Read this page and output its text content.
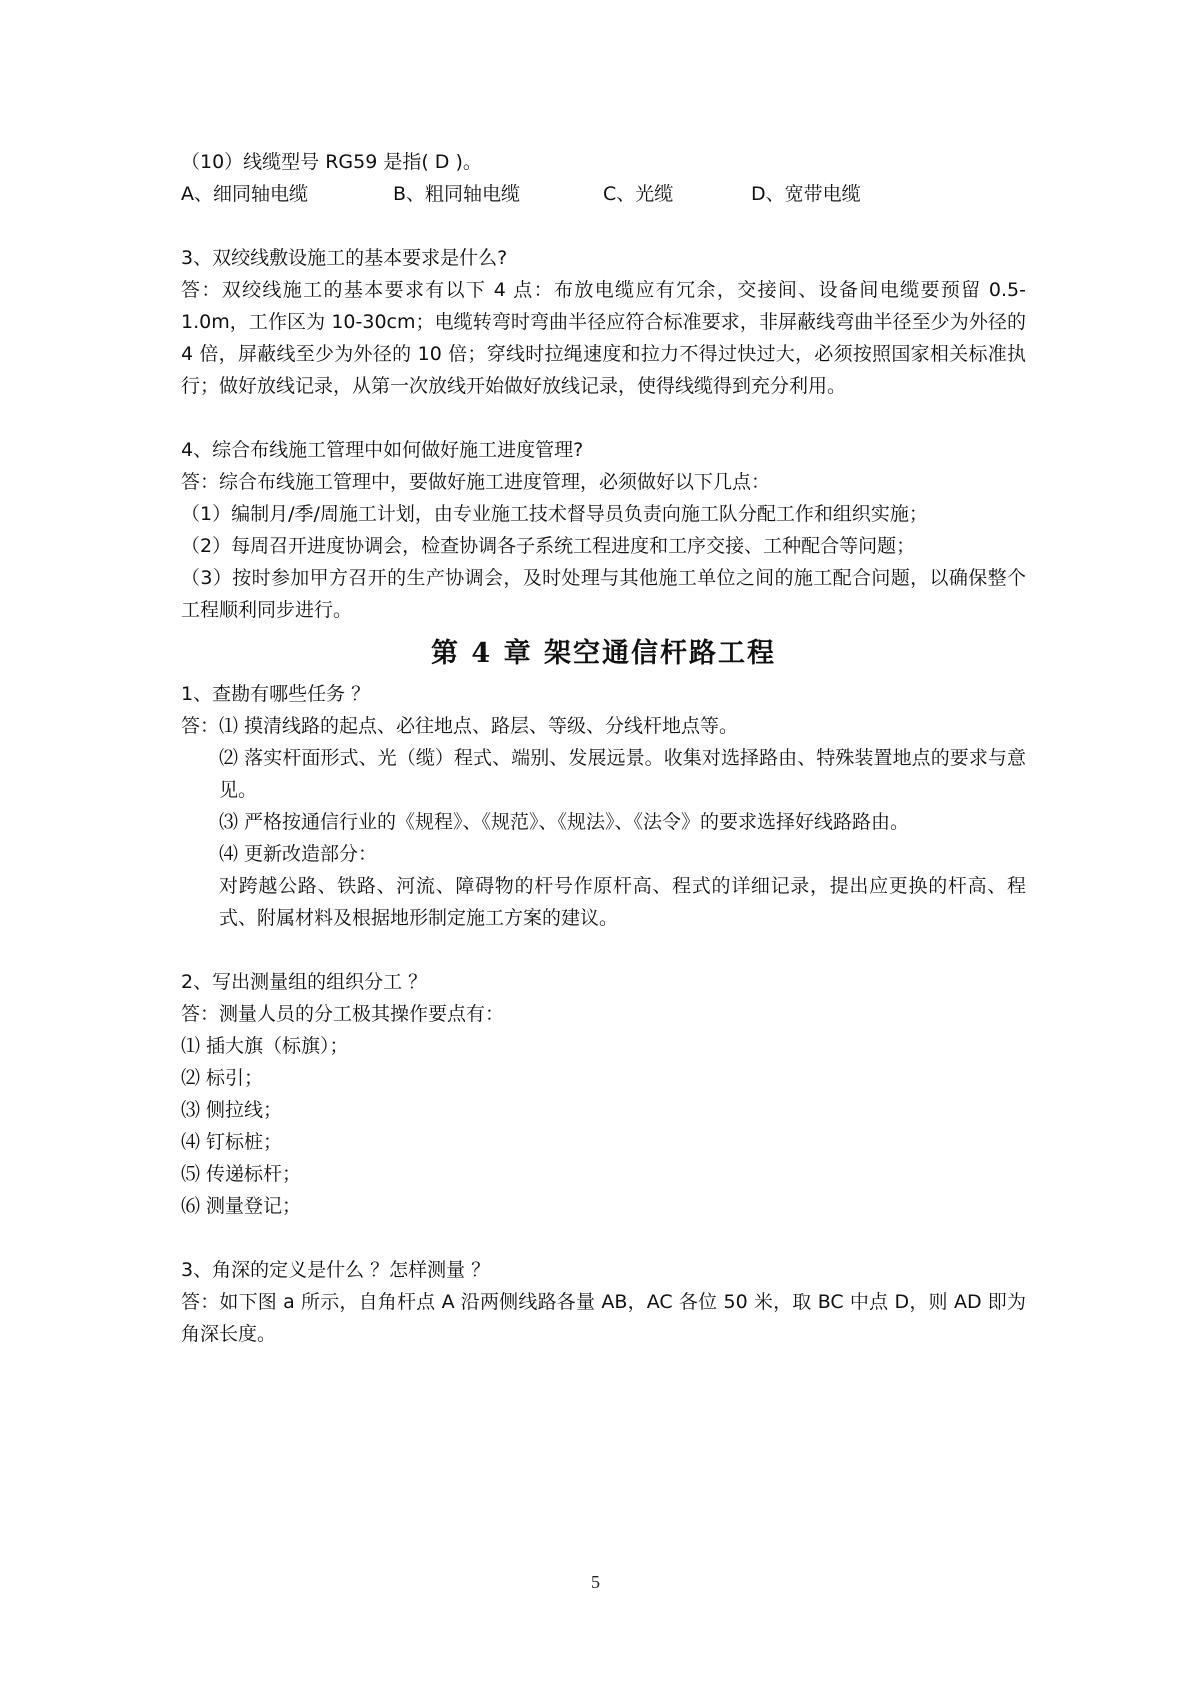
（10）线缆型号 RG59 是指( D )。
A、细同轴电缆	B、粗同轴电缆	C、光缆	D、宽带电缆
3、双绞线敷设施工的基本要求是什么?
答：双绞线施工的基本要求有以下 4 点：布放电缆应有冗余，交接间、设备间电缆要预留 0.5-1.0m，工作区为 10-30cm；电缆转弯时弯曲半径应符合标准要求，非屏蔽线弯曲半径至少为外径的 4 倍，屏蔽线至少为外径的 10 倍；穿线时拉绳速度和拉力不得过快过大，必须按照国家相关标准执行；做好放线记录，从第一次放线开始做好放线记录，使得线缆得到充分利用。
4、综合布线施工管理中如何做好施工进度管理?
答：综合布线施工管理中，要做好施工进度管理，必须做好以下几点：
（1）编制月/季/周施工计划，由专业施工技术督导员负责向施工队分配工作和组织实施；
（2）每周召开进度协调会，检查协调各子系统工程进度和工序交接、工种配合等问题；
（3）按时参加甲方召开的生产协调会，及时处理与其他施工单位之间的施工配合问题，以确保整个工程顺利同步进行。
第 4 章 架空通信杆路工程
1、查勘有哪些任务 ？
答：⑴ 摸清线路的起点、必往地点、路层、等级、分线杆地点等。
⑵ 落实杆面形式、光（缆）程式、端别、发展远景。收集对选择路由、特殊装置地点的要求与意见。
⑶ 严格按通信行业的《规程》、《规范》、《规法》、《法令》的要求选择好线路路由。
⑷ 更新改造部分：
对跨越公路、铁路、河流、障碍物的杆号作原杆高、程式的详细记录，提出应更换的杆高、程式、附属材料及根据地形制定施工方案的建议。
2、写出测量组的组织分工 ？
答：测量人员的分工极其操作要点有：
⑴ 插大旗（标旗）；
⑵ 标引；
⑶ 侧拉线；
⑷ 钉标桩；
⑸ 传递标杆；
⑹ 测量登记；
3、角深的定义是什么 ？怎样测量 ？
答：如下图 a 所示，自角杆点 A 沿两侧线路各量 AB，AC 各位 50 米，取 BC 中点 D，则 AD 即为角深长度。
5
